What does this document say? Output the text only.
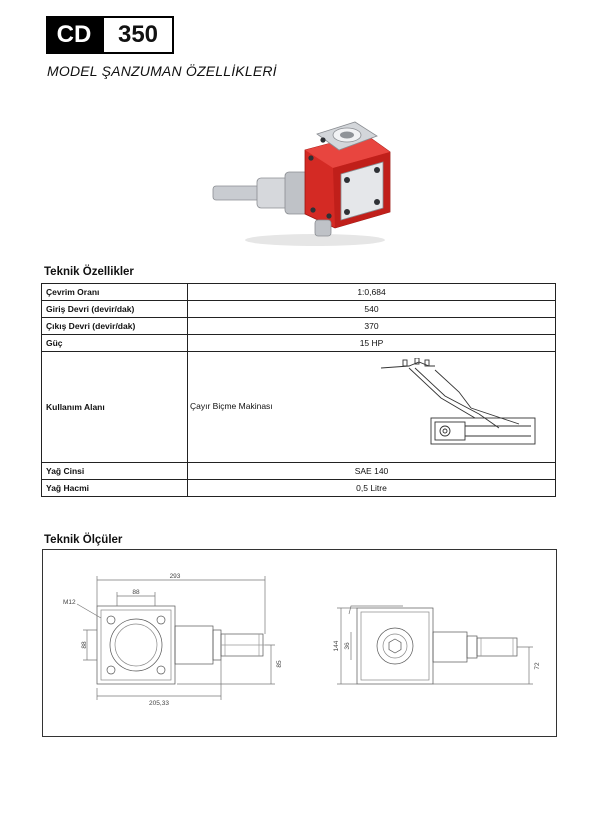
CD	350
MODEL ŞANZUMAN ÖZELLİKLERİ
Teknik Özellikler
Çevrim Oranı	1:0,684
Giriş Devri (devir/dak)	540
Çıkış Devri (devir/dak)	370
Güç	15 HP
Kullanım Alanı	Çayır Biçme Makinası

Yağ Cinsi	SAE 140
Yağ Hacmi	0,5 Litre
Teknik Ölçüler
293
88
M12
88
85
205,33
144 36
72
